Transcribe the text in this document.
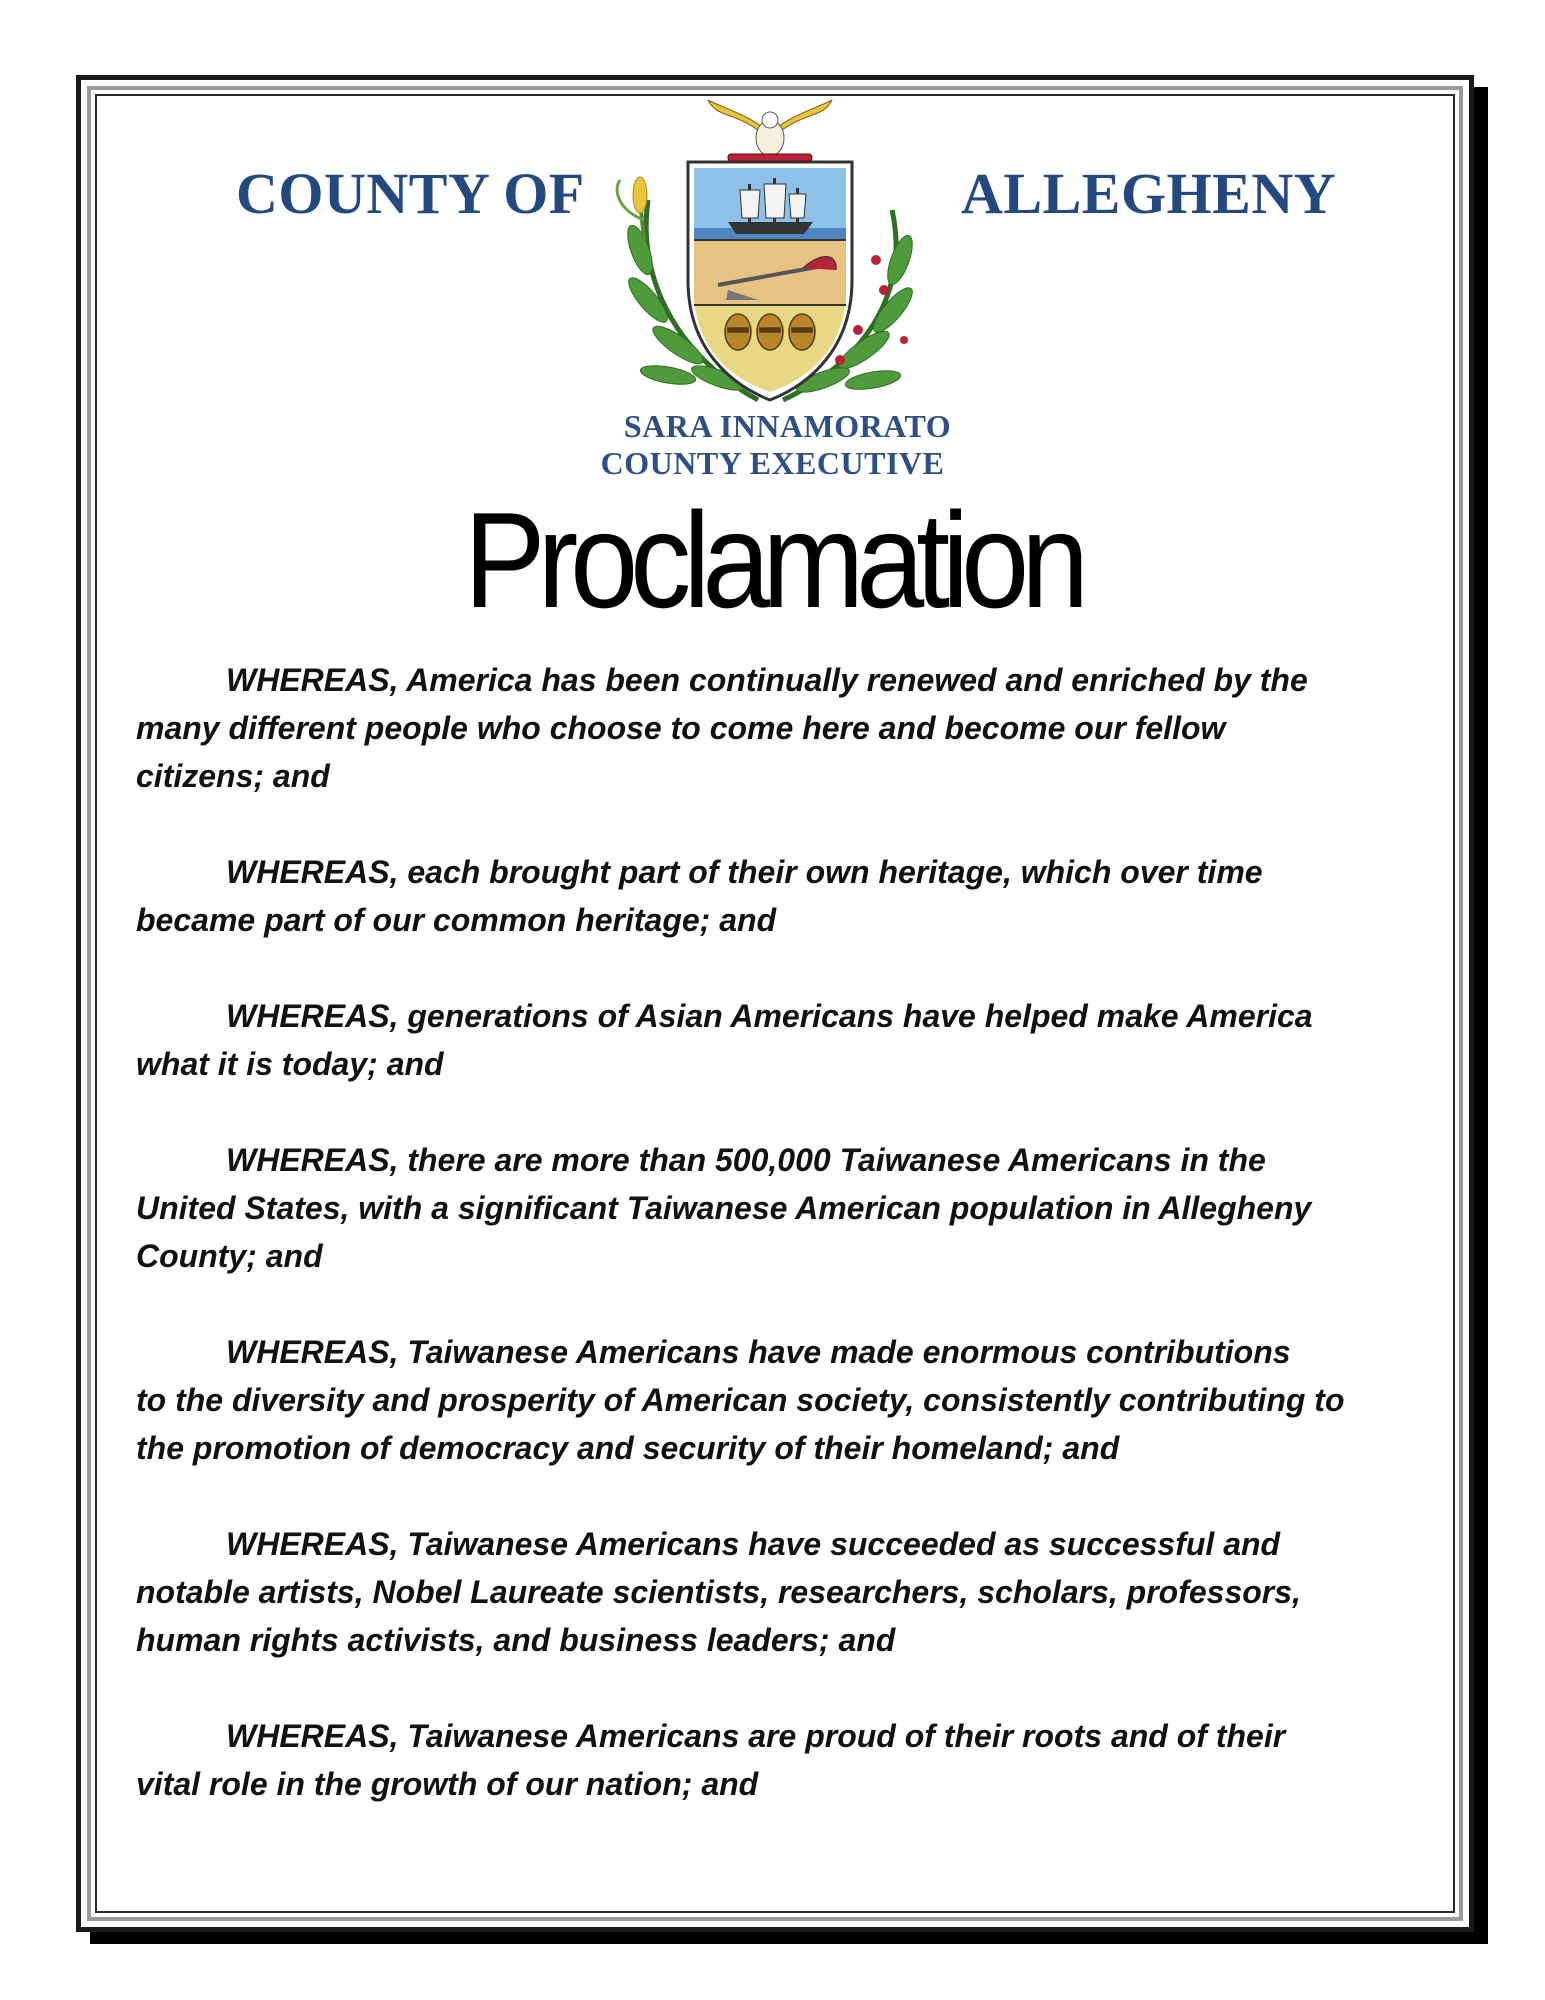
COUNTY OF	ALLEGHENY
SARA INNAMORATO
COUNTY EXECUTIVE
Proclamation

WHEREAS, America has been continually renewed and enriched by the
many different people who choose to come here and become our fellow
citizens; and

WHEREAS, each brought part of their own heritage, which over time
became part of our common heritage; and

WHEREAS, generations of Asian Americans have helped make America
what it is today; and

WHEREAS, there are more than 500,000 Taiwanese Americans in the
United States, with a significant Taiwanese American population in Allegheny
County; and

WHEREAS, Taiwanese Americans have made enormous contributions
to the diversity and prosperity of American society, consistently contributing to
the promotion of democracy and security of their homeland; and

WHEREAS, Taiwanese Americans have succeeded as successful and
notable artists, Nobel Laureate scientists, researchers, scholars, professors,
human rights activists, and business leaders; and

WHEREAS, Taiwanese Americans are proud of their roots and of their
vital role in the growth of our nation; and
